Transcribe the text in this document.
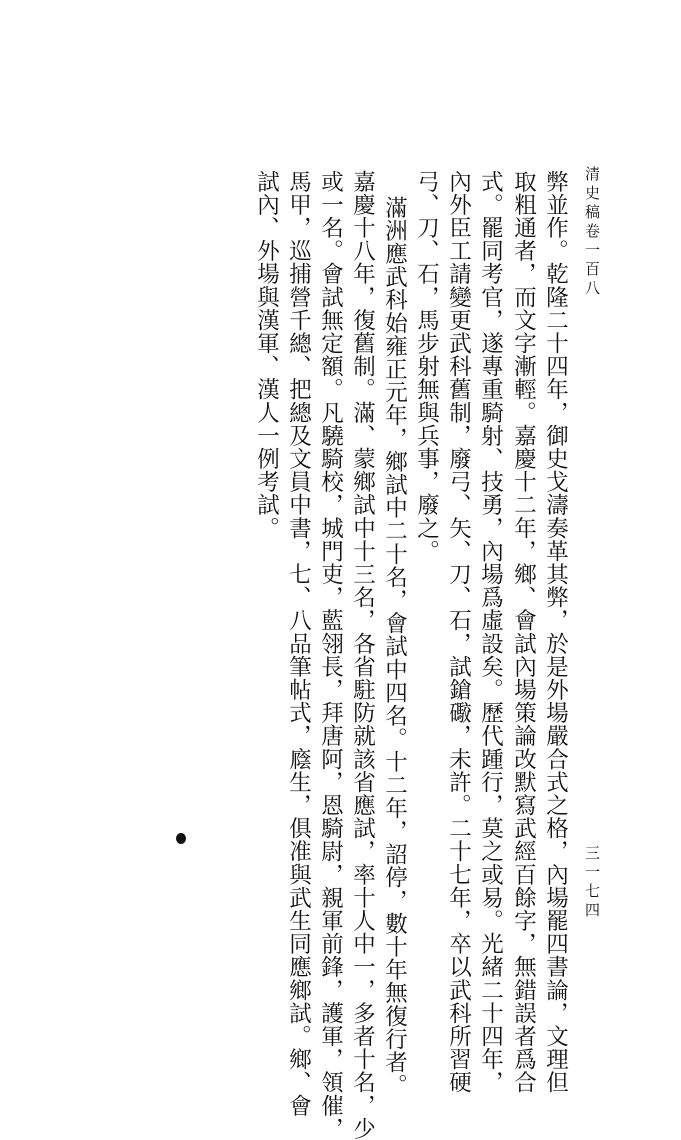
清史稿卷一百八
三一七四
弊並作。乾隆二十四年，御史戈濤奏革其弊，於是外場嚴合式之格，內場罷四書論，文理但
取粗通者，而文字漸輕。嘉慶十二年，鄉、會試內場策論改默寫武經百餘字，無錯誤者爲合
式。罷同考官，遂專重騎射、技勇，內場爲虛設矣。歷代踵行，莫之或易。光緒二十四年，
內外臣工請變更武科舊制，廢弓、矢、刀、石，試鎗礮，未許。二十七年，卒以武科所習硬
弓、刀、石，馬步射無與兵事，廢之。
滿洲應武科始雍正元年，鄉試中二十名，會試中四名。十二年，詔停，數十年無復行者。
嘉慶十八年，復舊制。滿、蒙鄉試中十三名，各省駐防就該省應試，率十人中一，多者十名，少
或一名。會試無定額。凡驍騎校，城門吏，藍翎長，拜唐阿，恩騎尉，親軍前鋒，護軍，領催，
馬甲，巡捕營千總、把總及文員中書，七、八品筆帖式，廕生，俱准與武生同應鄉試。鄉、會
試內、外場與漢軍、漢人一例考試。
